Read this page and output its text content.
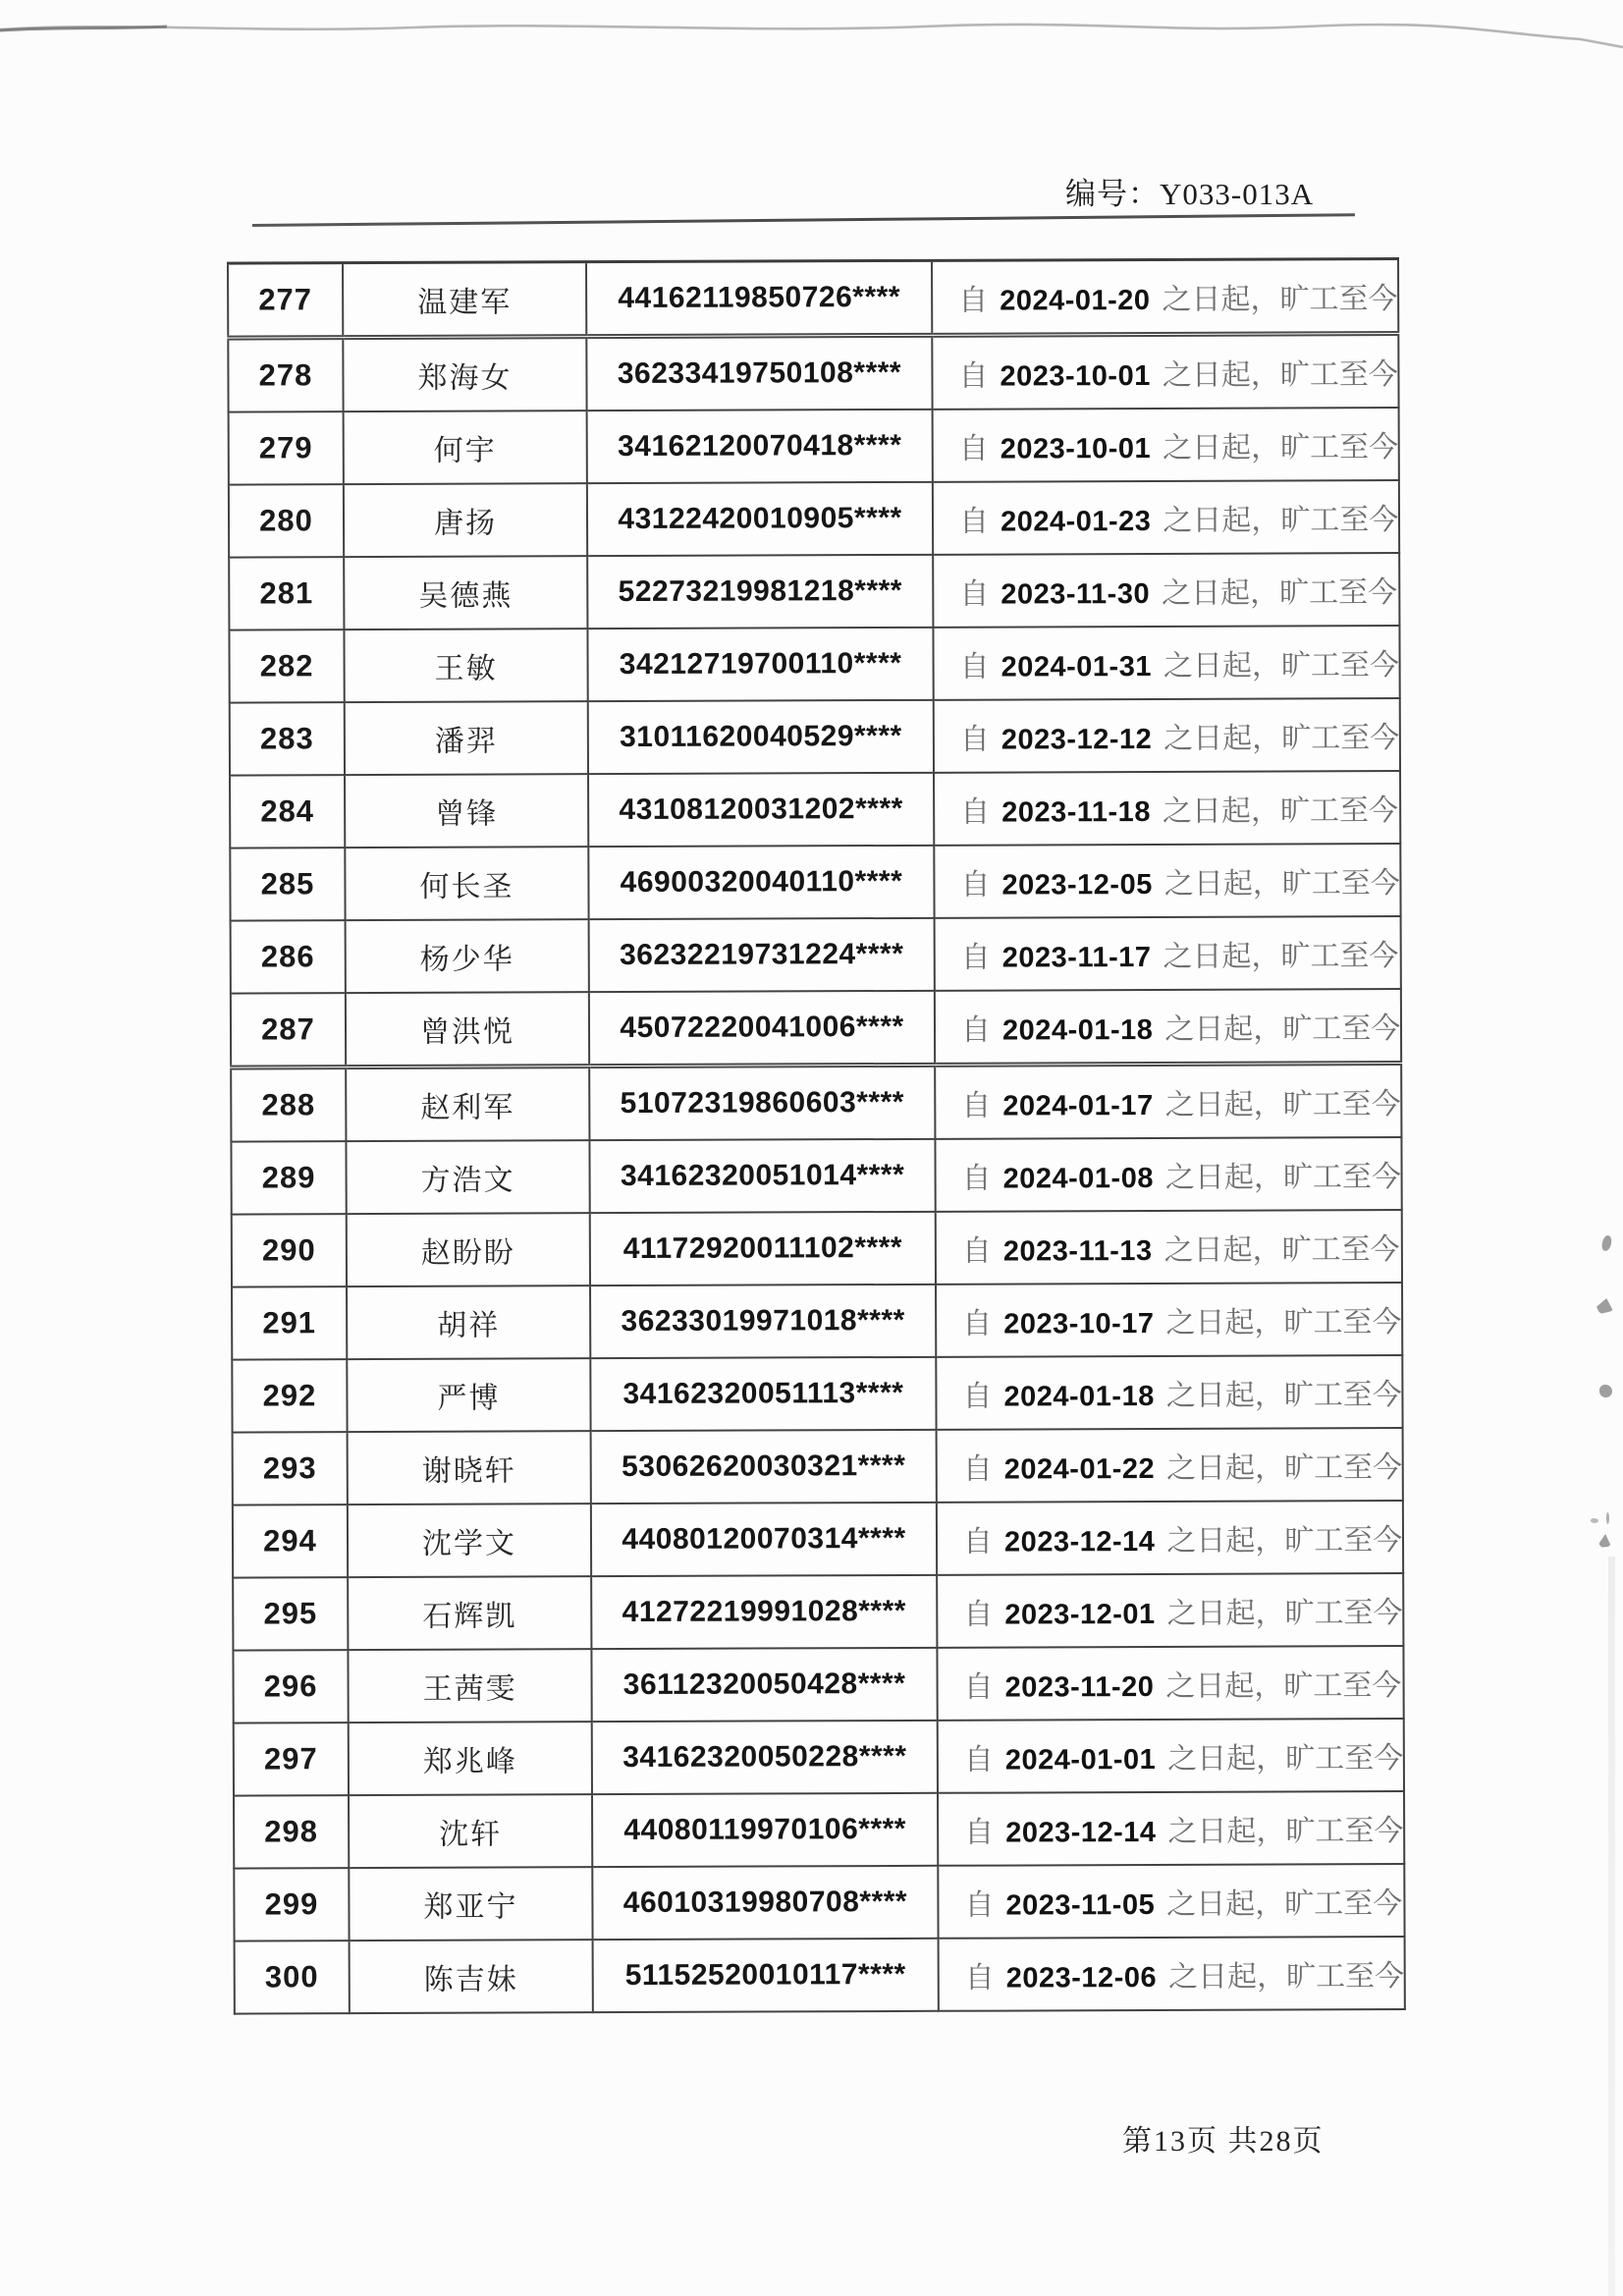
编号：Y033-013A
277	温建军	44162119850726****	自 2024-01-20 之日起，旷工至今
278	郑海女	36233419750108****	自 2023-10-01 之日起，旷工至今
279	何宇	34162120070418****	自 2023-10-01 之日起，旷工至今
280	唐扬	43122420010905****	自 2024-01-23 之日起，旷工至今
281	吴德燕	52273219981218****	自 2023-11-30 之日起，旷工至今
282	王敏	34212719700110****	自 2024-01-31 之日起，旷工至今
283	潘羿	31011620040529****	自 2023-12-12 之日起，旷工至今
284	曾锋	43108120031202****	自 2023-11-18 之日起，旷工至今
285	何长圣	46900320040110****	自 2023-12-05 之日起，旷工至今
286	杨少华	36232219731224****	自 2023-11-17 之日起，旷工至今
287	曾洪悦	45072220041006****	自 2024-01-18 之日起，旷工至今
288	赵利军	51072319860603****	自 2024-01-17 之日起，旷工至今
289	方浩文	34162320051014****	自 2024-01-08 之日起，旷工至今
290	赵盼盼	41172920011102****	自 2023-11-13 之日起，旷工至今
291	胡祥	36233019971018****	自 2023-10-17 之日起，旷工至今
292	严博	34162320051113****	自 2024-01-18 之日起，旷工至今
293	谢晓轩	53062620030321****	自 2024-01-22 之日起，旷工至今
294	沈学文	44080120070314****	自 2023-12-14 之日起，旷工至今
295	石辉凯	41272219991028****	自 2023-12-01 之日起，旷工至今
296	王茜雯	36112320050428****	自 2023-11-20 之日起，旷工至今
297	郑兆峰	34162320050228****	自 2024-01-01 之日起，旷工至今
298	沈轩	44080119970106****	自 2023-12-14 之日起，旷工至今
299	郑亚宁	46010319980708****	自 2023-11-05 之日起，旷工至今
300	陈吉妹	51152520010117****	自 2023-12-06 之日起，旷工至今
第13页 共28页
